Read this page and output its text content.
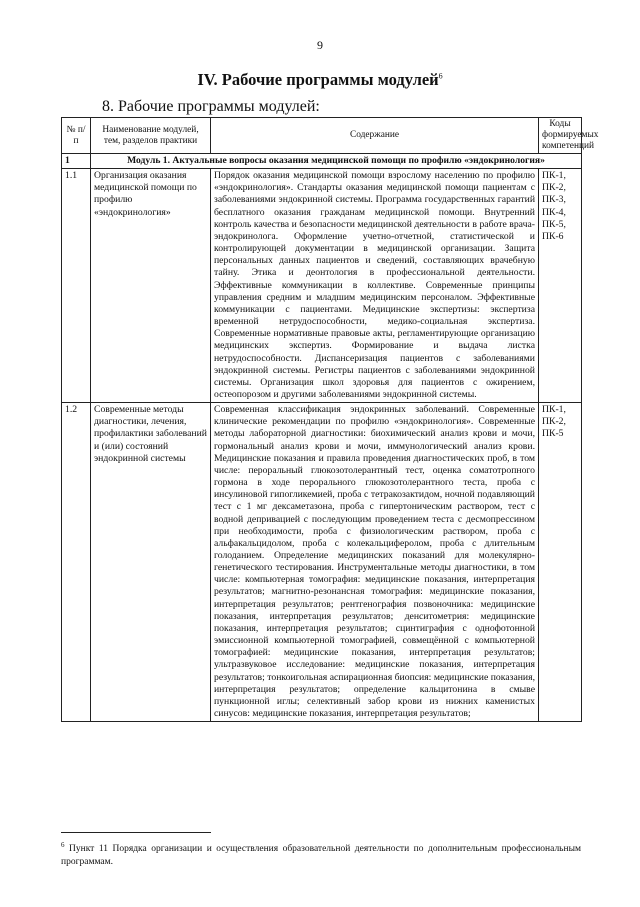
9
IV. Рабочие программы модулей$^6$
8. Рабочие программы модулей:
№ п/п	Наименование модулей, тем, разделов практики	Содержание	Коды формируемых компетенций
1	Модуль 1. Актуальные вопросы оказания медицинской помощи по профилю «эндокринология»		
1.1	Организация оказания медицинской помощи по профилю «эндокринология»	Порядок оказания медицинской помощи взрослому населению по профилю «эндокринология». Стандарты оказания медицинской помощи пациентам с заболеваниями эндокринной системы. Программа государственных гарантий бесплатного оказания гражданам медицинской помощи. Внутренний контроль качества и безопасности медицинской деятельности в работе врача-эндокринолога. Оформление учетно-отчетной, статистической и контролирующей документации в медицинской организации. Защита персональных данных пациентов и сведений, составляющих врачебную тайну. Этика и деонтология в профессиональной деятельности. Эффективные коммуникации в коллективе. Современные принципы управления средним и младшим медицинским персоналом. Эффективные коммуникации с пациентами. Медицинские экспертизы: экспертиза временной нетрудоспособности, медико-социальная экспертиза. Современные нормативные правовые акты, регламентирующие организацию медицинских экспертиз. Формирование и выдача листка нетрудоспособности. Диспансеризация пациентов с заболеваниями эндокринной системы. Регистры пациентов с заболеваниями эндокринной системы. Организация школ здоровья для пациентов с ожирением, остеопорозом и другими заболеваниями эндокринной системы.	ПК-1, ПК-2, ПК-3, ПК-4, ПК-5, ПК-6
1.2	Современные методы диагностики, лечения, профилактики заболеваний и (или) состояний эндокринной системы	Современная классификация эндокринных заболеваний. Современные клинические рекомендации по профилю «эндокринология». Современные методы лабораторной диагностики: биохимический анализ крови и мочи, гормональный анализ крови и мочи, иммунологический анализ крови. Медицинские показания и правила проведения диагностических проб, в том числе: пероральный глюкозотолерантный тест, оценка соматотропного гормона в ходе перорального глюкозотолерантного теста, проба с инсулиновой гипогликемией, проба с тетракозактидом, ночной подавляющий тест с 1 мг дексаметазона, проба с гипертоническим раствором, тест с водной депривацией с последующим проведением теста с десмопрессином при необходимости, проба с физиологическим раствором, проба с альфакальцидолом, проба с колекальциферолом, проба с длительным голоданием. Определение медицинских показаний для молекулярно-генетического тестирования. Инструментальные методы диагностики, в том числе: компьютерная томография: медицинские показания, интерпретация результатов; магнитно-резонансная томография: медицинские показания, интерпретация результатов; рентгенография позвоночника: медицинские показания, интерпретация результатов; денситометрия: медицинские показания, интерпретация результатов; сцинтиграфия с однофотонной эмиссионной компьютерной томографией, совмещённой с компьютерной томографией: медицинские показания, интерпретация результатов; ультразвуковое исследование: медицинские показания, интерпретация результатов; тонкоигольная аспирационная биопсия: медицинские показания, интерпретация результатов; определение кальцитонина в смыве пункционной иглы; селективный забор крови из нижних каменистых синусов: медицинские показания, интерпретация результатов;	ПК-1, ПК-2, ПК-5
$^6$ Пункт 11 Порядка организации и осуществления образовательной деятельности по дополнительным профессиональным программам.
